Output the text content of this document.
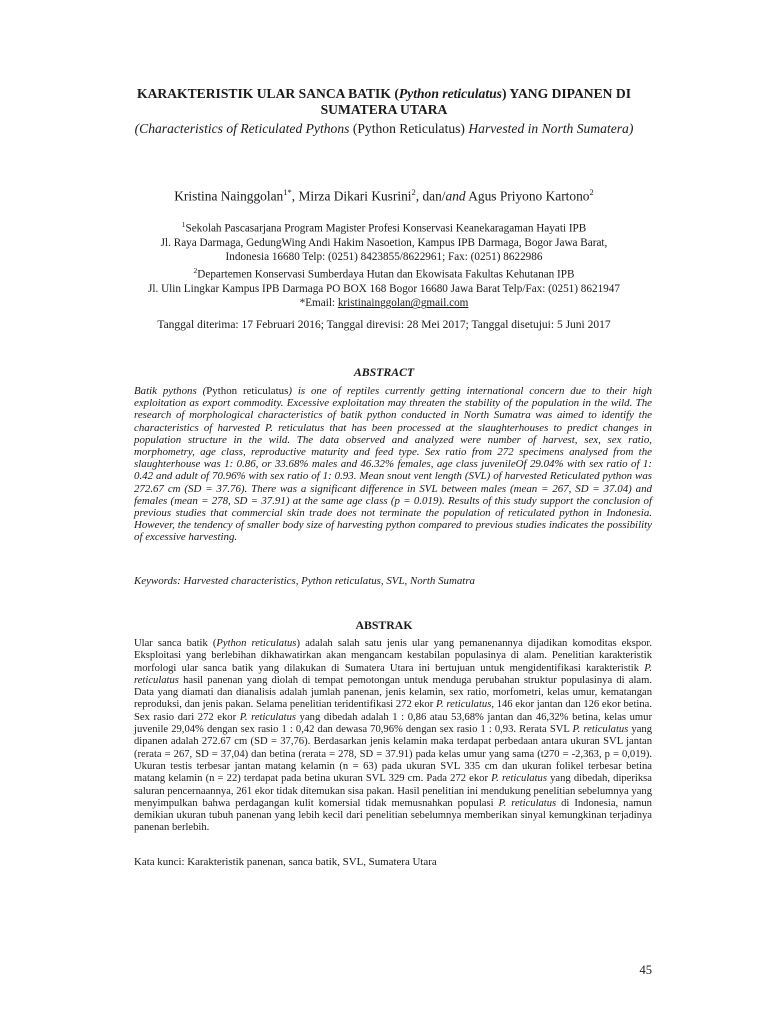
KARAKTERISTIK ULAR SANCA BATIK (Python reticulatus) YANG DIPANEN DI SUMATERA UTARA

(Characteristics of Reticulated Pythons (Python Reticulatus) Harvested in North Sumatera)

Kristina Nainggolan$^{1*}$, Mirza Dikari Kusrini$^2$, dan/and Agus Priyono Kartono$^2$
$^1$Sekolah Pascasarjana Program Magister Profesi Konservasi Keanekaragaman Hayati IPB
Jl. Raya Darmaga, GedungWing Andi Hakim Nasoetion, Kampus IPB Darmaga, Bogor Jawa Barat,
Indonesia 16680 Telp: (0251) 8423855/8622961; Fax: (0251) 8622986
$^2$Departemen Konservasi Sumberdaya Hutan dan Ekowisata Fakultas Kehutanan IPB
Jl. Ulin Lingkar Kampus IPB Darmaga PO BOX 168 Bogor 16680 Jawa Barat Telp/Fax: (0251) 8621947
*Email: kristinainggolan@gmail.com
Tanggal diterima: 17 Februari 2016; Tanggal direvisi: 28 Mei 2017; Tanggal disetujui: 5 Juni 2017
ABSTRACT

Batik pythons (Python reticulatus) is one of reptiles currently getting international concern due to their high exploitation as export commodity. Excessive exploitation may threaten the stability of the population in the wild. The research of morphological characteristics of batik python conducted in North Sumatra was aimed to identify the characteristics of harvested P. reticulatus that has been processed at the slaughterhouses to predict changes in population structure in the wild. The data observed and analyzed were number of harvest, sex, sex ratio, morphometry, age class, reproductive maturity and feed type. Sex ratio from 272 specimens analysed from the slaughterhouse was 1: 0.86, or 33.68% males and 46.32% females, age class juvenileOf 29.04% with sex ratio of 1: 0.42 and adult of 70.96% with sex ratio of 1: 0.93. Mean snout vent length (SVL) of harvested Reticulated python was 272.67 cm (SD = 37.76). There was a significant difference in SVL between males (mean = 267, SD = 37.04) and females (mean = 278, SD = 37.91) at the same age class (p = 0.019). Results of this study support the conclusion of previous studies that commercial skin trade does not terminate the population of reticulated python in Indonesia. However, the tendency of smaller body size of harvesting python compared to previous studies indicates the possibility of excessive harvesting.

Keywords: Harvested characteristics, Python reticulatus, SVL, North Sumatra

ABSTRAK

Ular sanca batik (Python reticulatus) adalah salah satu jenis ular yang pemanenannya dijadikan komoditas ekspor. Eksploitasi yang berlebihan dikhawatirkan akan mengancam kestabilan populasinya di alam. Penelitian karakteristik morfologi ular sanca batik yang dilakukan di Sumatera Utara ini bertujuan untuk mengidentifikasi karakteristik P. reticulatus hasil panenan yang diolah di tempat pemotongan untuk menduga perubahan struktur populasinya di alam. Data yang diamati dan dianalisis adalah jumlah panenan, jenis kelamin, sex ratio, morfometri, kelas umur, kematangan reproduksi, dan jenis pakan. Selama penelitian teridentifikasi 272 ekor P. reticulatus, 146 ekor jantan dan 126 ekor betina. Sex rasio dari 272 ekor P. reticulatus yang dibedah adalah 1 : 0,86 atau 53,68% jantan dan 46,32% betina, kelas umur juvenile 29,04% dengan sex rasio 1 : 0,42 dan dewasa 70,96% dengan sex rasio 1 : 0,93. Rerata SVL P. reticulatus yang dipanen adalah 272.67 cm (SD = 37,76). Berdasarkan jenis kelamin maka terdapat perbedaan antara ukuran SVL jantan (rerata = 267, SD = 37,04) dan betina (rerata = 278, SD = 37.91) pada kelas umur yang sama (t270 = -2,363, p = 0,019). Ukuran testis terbesar jantan matang kelamin (n = 63) pada ukuran SVL 335 cm dan ukuran folikel terbesar betina matang kelamin (n = 22) terdapat pada betina ukuran SVL 329 cm. Pada 272 ekor P. reticulatus yang dibedah, diperiksa saluran pencernaannya, 261 ekor tidak ditemukan sisa pakan. Hasil penelitian ini mendukung penelitian sebelumnya yang menyimpulkan bahwa perdagangan kulit komersial tidak memusnahkan populasi P. reticulatus di Indonesia, namun demikian ukuran tubuh panenan yang lebih kecil dari penelitian sebelumnya memberikan sinyal kemungkinan terjadinya panenan berlebih.

Kata kunci: Karakteristik panenan, sanca batik, SVL, Sumatera Utara

45
